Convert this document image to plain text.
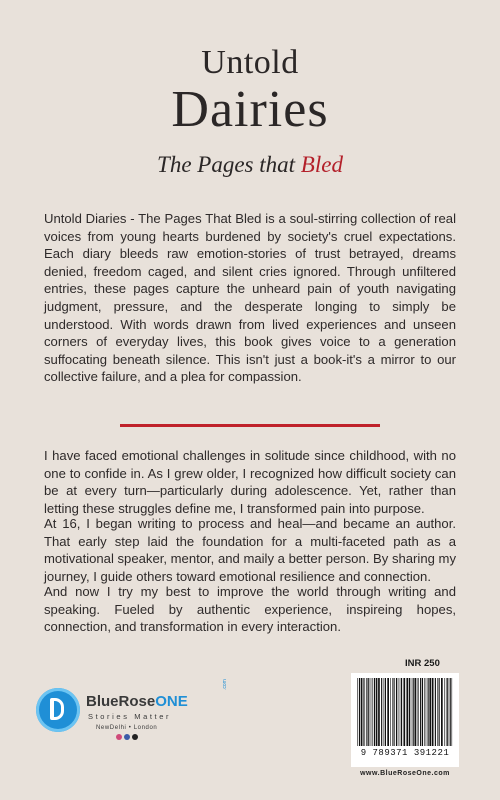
Untold
Dairies
The Pages that Bled

Untold Diaries - The Pages That Bled is a soul-stirring collection of real voices from young hearts burdened by society's cruel expectations. Each diary bleeds raw emotion-stories of trust betrayed, dreams denied, freedom caged, and silent cries ignored. Through unfiltered entries, these pages capture the unheard pain of youth navigating judgment, pressure, and the desperate longing to simply be understood. With words drawn from lived experiences and unseen corners of everyday lives, this book gives voice to a generation suffocating beneath silence. This isn't just a book-it's a mirror to our collective failure, and a plea for compassion.

I have faced emotional challenges in solitude since childhood, with no one to confide in. As I grew older, I recognized how difficult society can be at every turn—particularly during adolescence. Yet, rather than letting these struggles define me, I transformed pain into purpose.

At 16, I began writing to process and heal—and became an author. That early step laid the foundation for a multi-faceted path as a motivational speaker, mentor, and maily a better person. By sharing my journey, I guide others toward emotional resilience and connection.

And now I try my best to improve the world through writing and speaking. Fueled by authentic experience, inspireing hopes, connection, and transformation in every interaction.

BlueRoseONE
.com
Stories Matter
NewDelhi • London
INR 250
9 789371 391221
www.BlueRoseOne.com
